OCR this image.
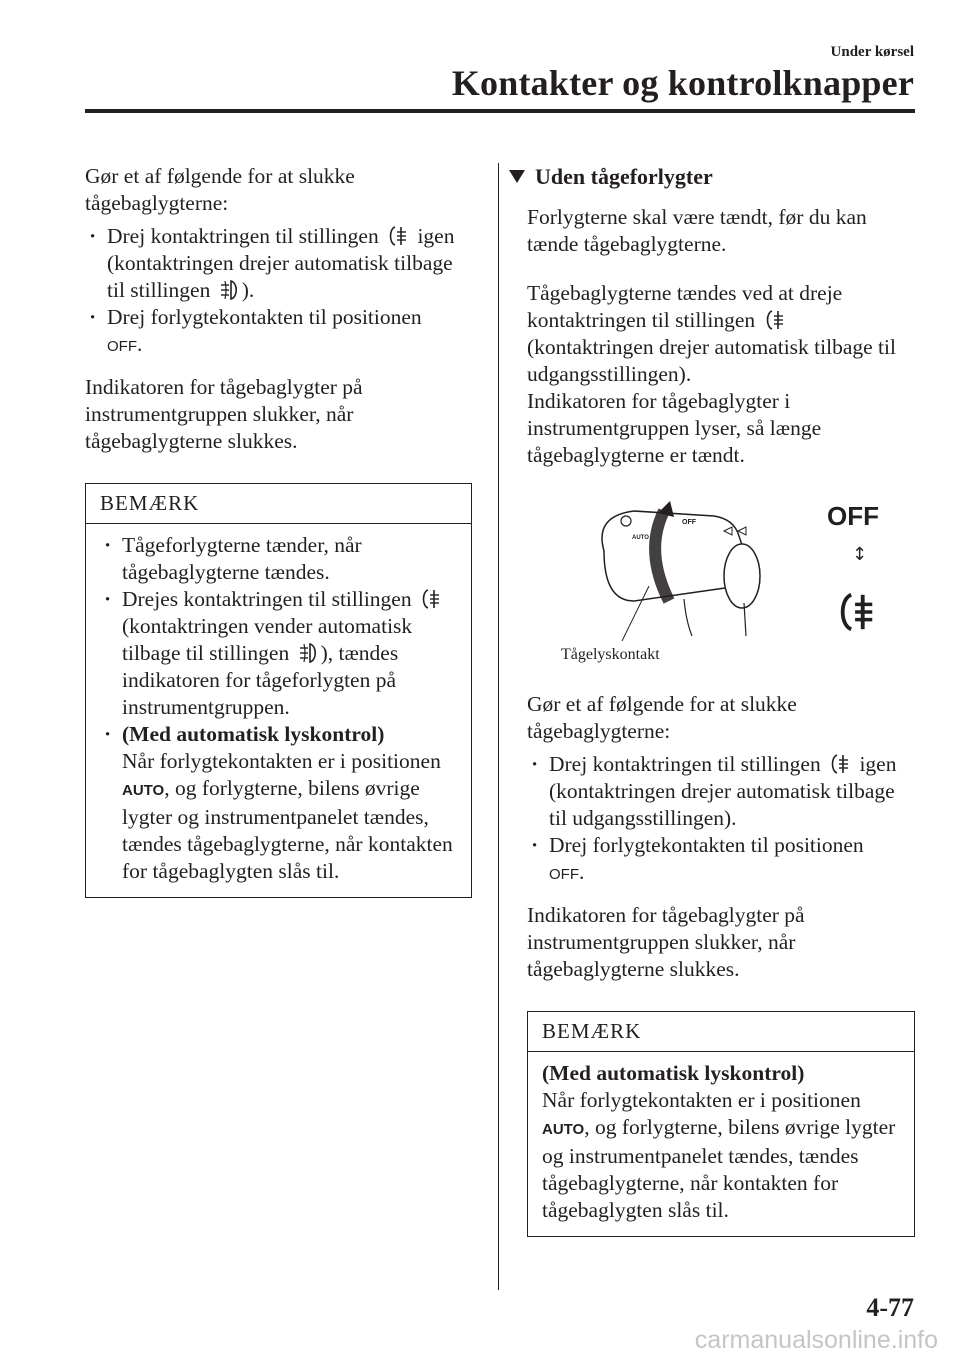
Under kørsel
Kontakter og kontrolknapper

Gør et af følgende for at slukke tågebaglygterne:

· Drej kontaktringen til stillingen igen (kontaktringen drejer automatisk tilbage til stillingen ).
· Drej forlygtekontakten til positionen
OFF.

Indikatoren for tågebaglygter på instrumentgruppen slukker, når tågebaglygterne slukkes.

BEMÆRK
· Tågeforlygterne tænder, når tågebaglygterne tændes.
· Drejes kontaktringen til stillingen  (kontaktringen vender automatisk tilbage til stillingen ), tændes indikatoren for tågeforlygten på instrumentgruppen.
· (Med automatisk lyskontrol)
Når forlygtekontakten er i positionen
AUTO, og forlygterne, bilens øvrige lygter og instrumentpanelet tændes, tændes tågebaglygterne, når kontakten for tågebaglygten slås til.
Uden tågeforlygter

Forlygterne skal være tændt, før du kan tænde tågebaglygterne.

Tågebaglygterne tændes ved at dreje kontaktringen til stillingen  (kontaktringen drejer automatisk tilbage til udgangsstillingen).

Indikatoren for tågebaglygter i instrumentgruppen lyser, så længe tågebaglygterne er tændt.

OFF
AUTO
OFF
↕
Tågelyskontakt

Gør et af følgende for at slukke tågebaglygterne:

· Drej kontaktringen til stillingen igen (kontaktringen drejer automatisk tilbage til udgangsstillingen).
· Drej forlygtekontakten til positionen
OFF.

Indikatoren for tågebaglygter på instrumentgruppen slukker, når tågebaglygterne slukkes.

BEMÆRK
(Med automatisk lyskontrol)
Når forlygtekontakten er i positionen
AUTO, og forlygterne, bilens øvrige lygter og instrumentpanelet tændes, tændes tågebaglygterne, når kontakten for tågebaglygten slås til.
4-77
carmanualsonline.info
